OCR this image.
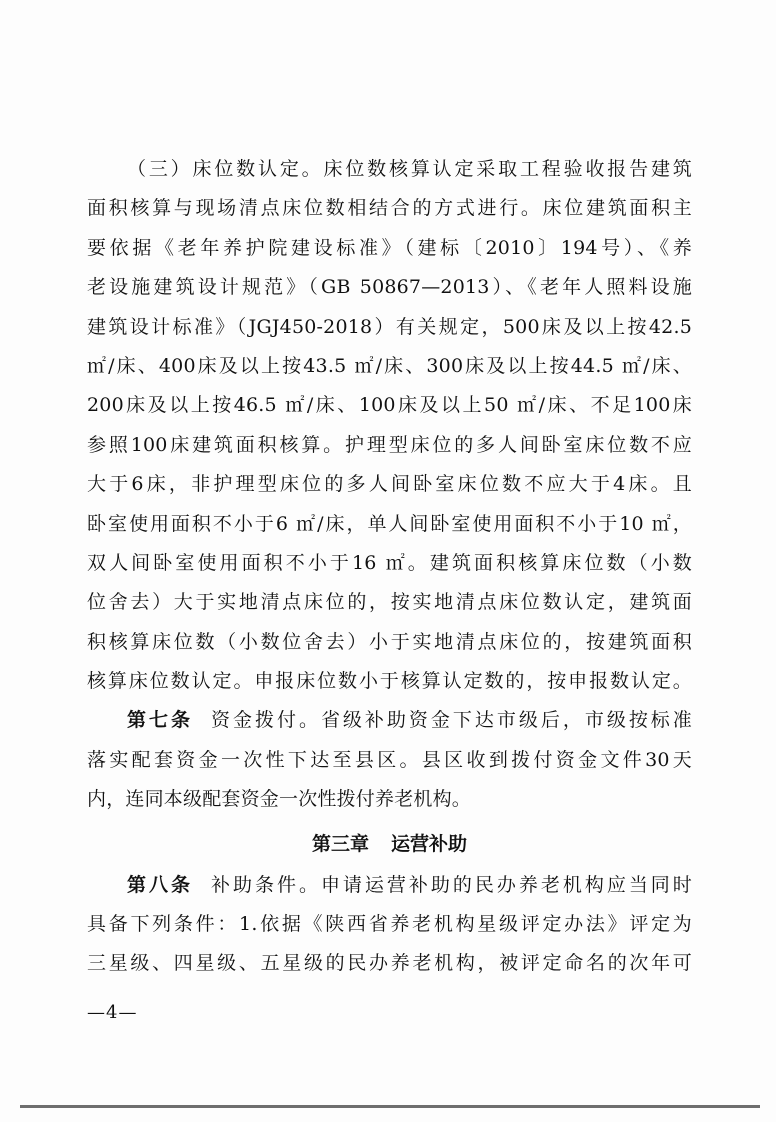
（三）床位数认定。床位数核算认定采取工程验收报告建筑
面积核算与现场清点床位数相结合的方式进行。床位建筑面积主
要依据《老年养护院建设标准》（建标〔2010〕194号）、《养
老设施建筑设计规范》（GB 50867—2013）、《老年人照料设施
建筑设计标准》（JGJ450-2018）有关规定，500床及以上按42.5
㎡/床、400床及以上按43.5 ㎡/床、300床及以上按44.5 ㎡/床、
200床及以上按46.5 ㎡/床、100床及以上50 ㎡/床、不足100床
参照100床建筑面积核算。护理型床位的多人间卧室床位数不应
大于6床，非护理型床位的多人间卧室床位数不应大于4床。且
卧室使用面积不小于6 ㎡/床，单人间卧室使用面积不小于10 ㎡，
双人间卧室使用面积不小于16 ㎡。建筑面积核算床位数（小数
位舍去）大于实地清点床位的，按实地清点床位数认定，建筑面
积核算床位数（小数位舍去）小于实地清点床位的，按建筑面积
核算床位数认定。申报床位数小于核算认定数的，按申报数认定。
第七条 资金拨付。省级补助资金下达市级后，市级按标准
落实配套资金一次性下达至县区。县区收到拨付资金文件30天
内，连同本级配套资金一次性拨付养老机构。
第三章 运营补助
第八条 补助条件。申请运营补助的民办养老机构应当同时
具备下列条件：1.依据《陕西省养老机构星级评定办法》评定为
三星级、四星级、五星级的民办养老机构，被评定命名的次年可
—4—
